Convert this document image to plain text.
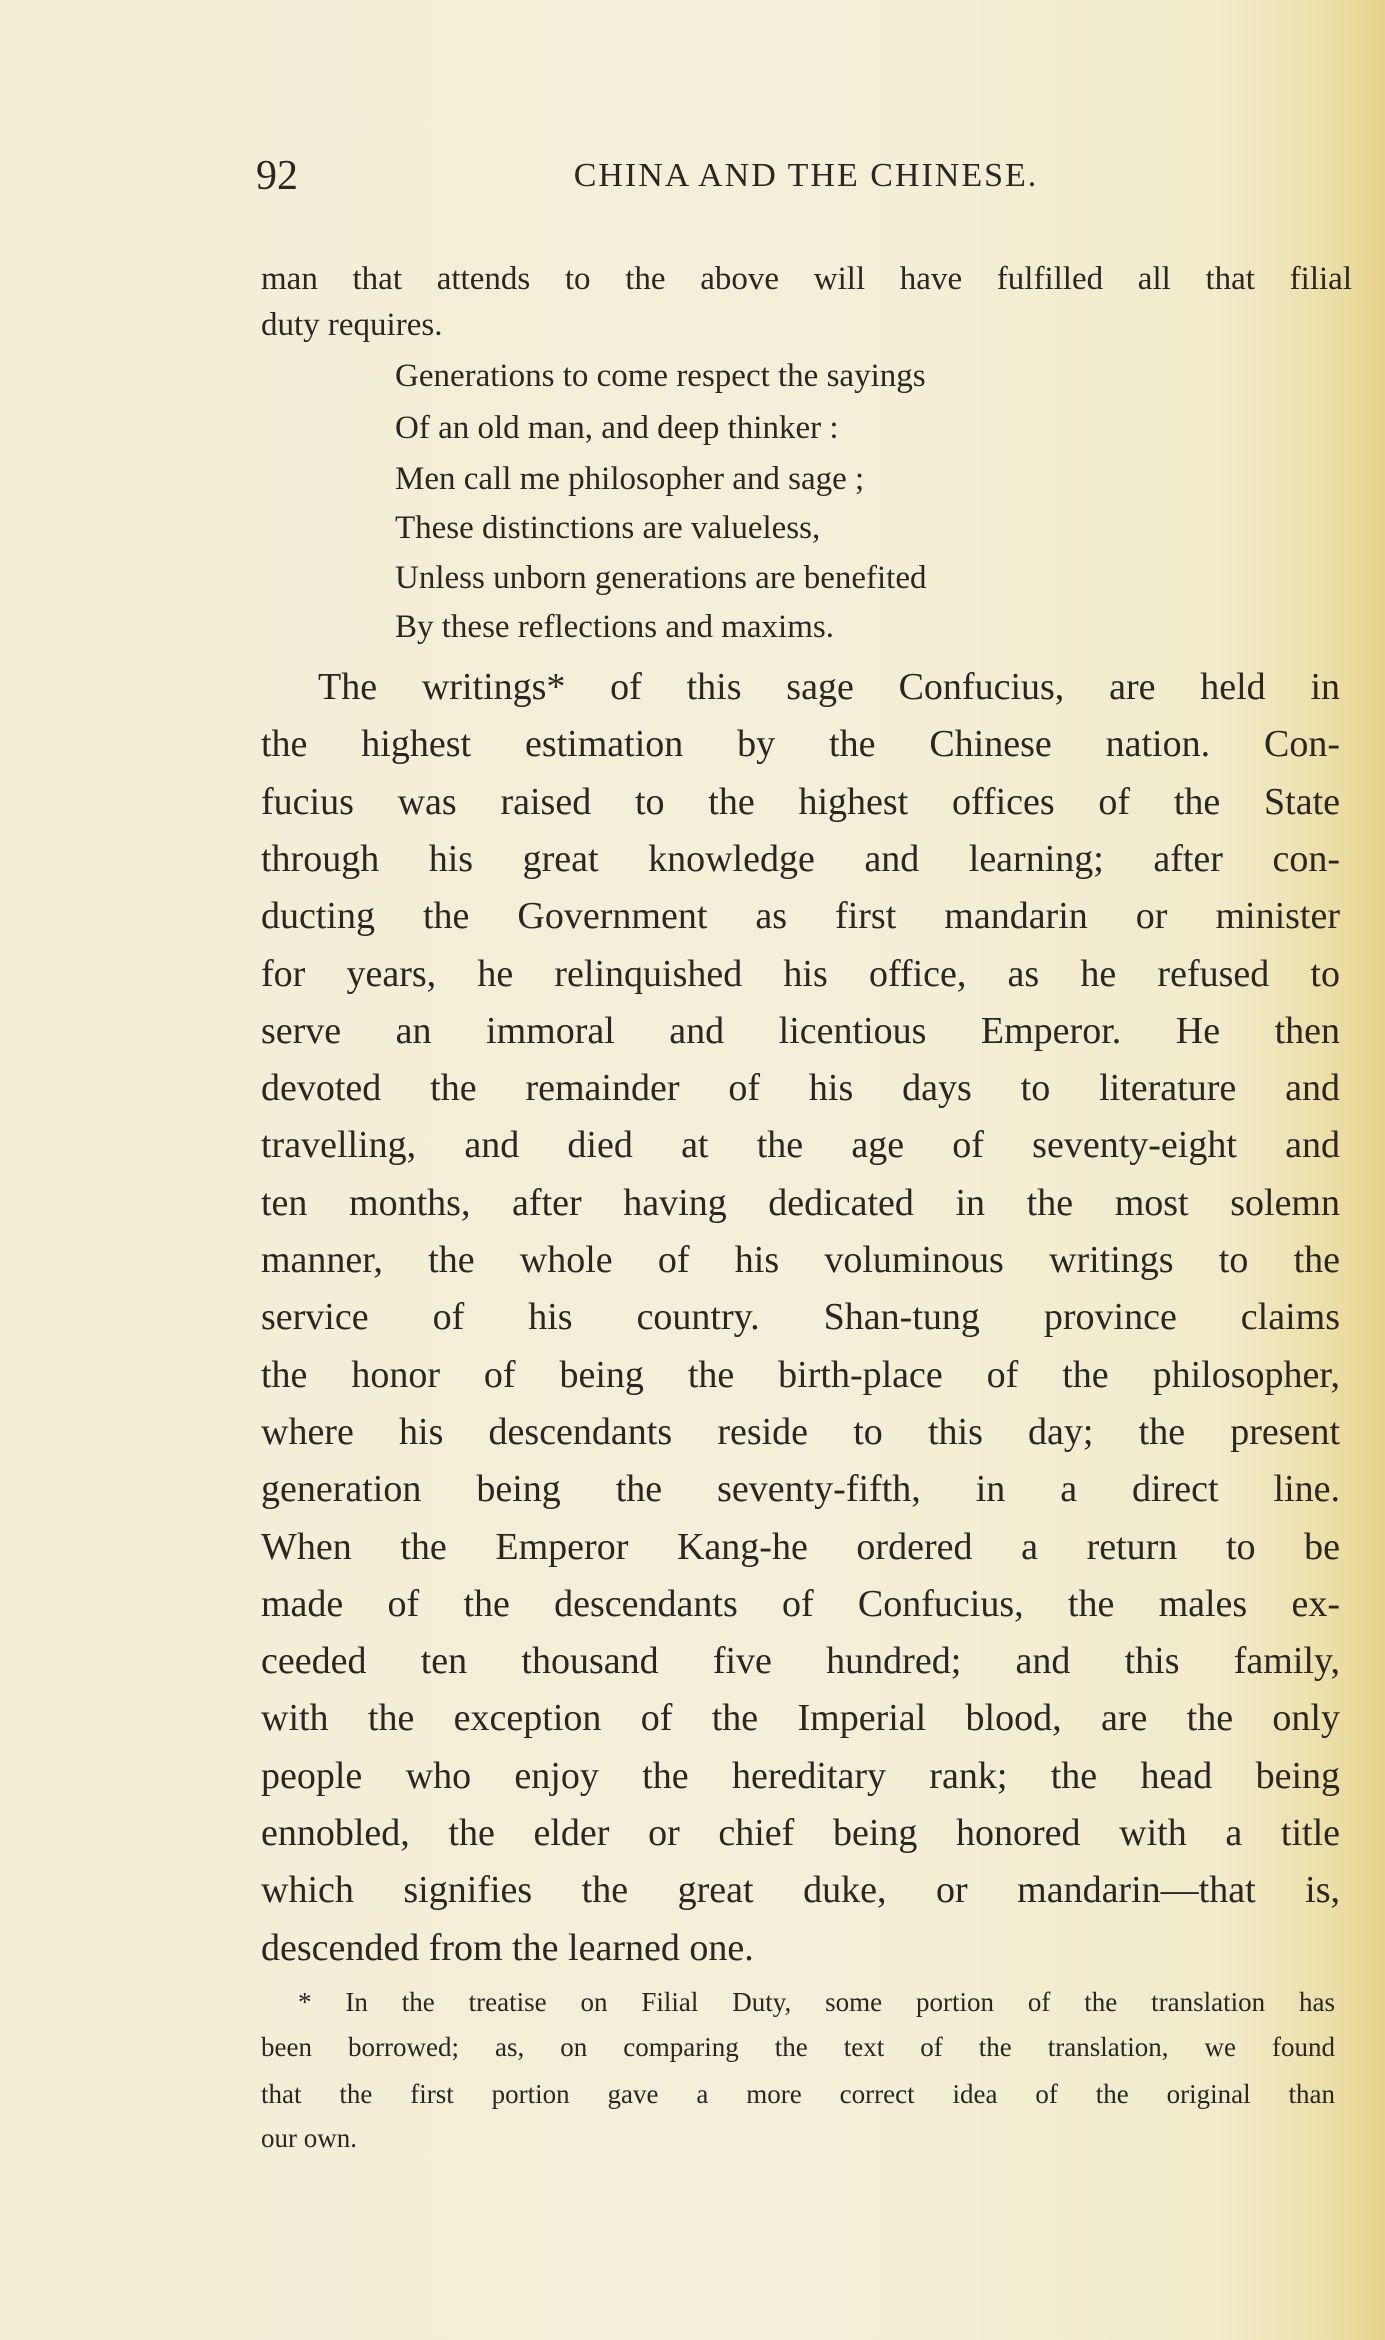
92	CHINA AND THE CHINESE.
man that attends to the above will have fulfilled all that filial
duty requires.
Generations to come respect the sayings
Of an old man, and deep thinker :
Men call me philosopher and sage ;
These distinctions are valueless,
Unless unborn generations are benefited
By these reflections and maxims.
The writings* of this sage Confucius, are held in
the highest estimation by the Chinese nation. Con-
fucius was raised to the highest offices of the State
through his great knowledge and learning; after con-
ducting the Government as first mandarin or minister
for years, he relinquished his office, as he refused to
serve an immoral and licentious Emperor. He then
devoted the remainder of his days to literature and
travelling, and died at the age of seventy-eight and
ten months, after having dedicated in the most solemn
manner, the whole of his voluminous writings to the
service of his country. Shan-tung province claims
the honor of being the birth-place of the philosopher,
where his descendants reside to this day; the present
generation being the seventy-fifth, in a direct line.
When the Emperor Kang-he ordered a return to be
made of the descendants of Confucius, the males ex-
ceeded ten thousand five hundred; and this family,
with the exception of the Imperial blood, are the only
people who enjoy the hereditary rank; the head being
ennobled, the elder or chief being honored with a title
which signifies the great duke, or mandarin—that is,
descended from the learned one.
* In the treatise on Filial Duty, some portion of the translation has
been borrowed; as, on comparing the text of the translation, we found
that the first portion gave a more correct idea of the original than
our own.
